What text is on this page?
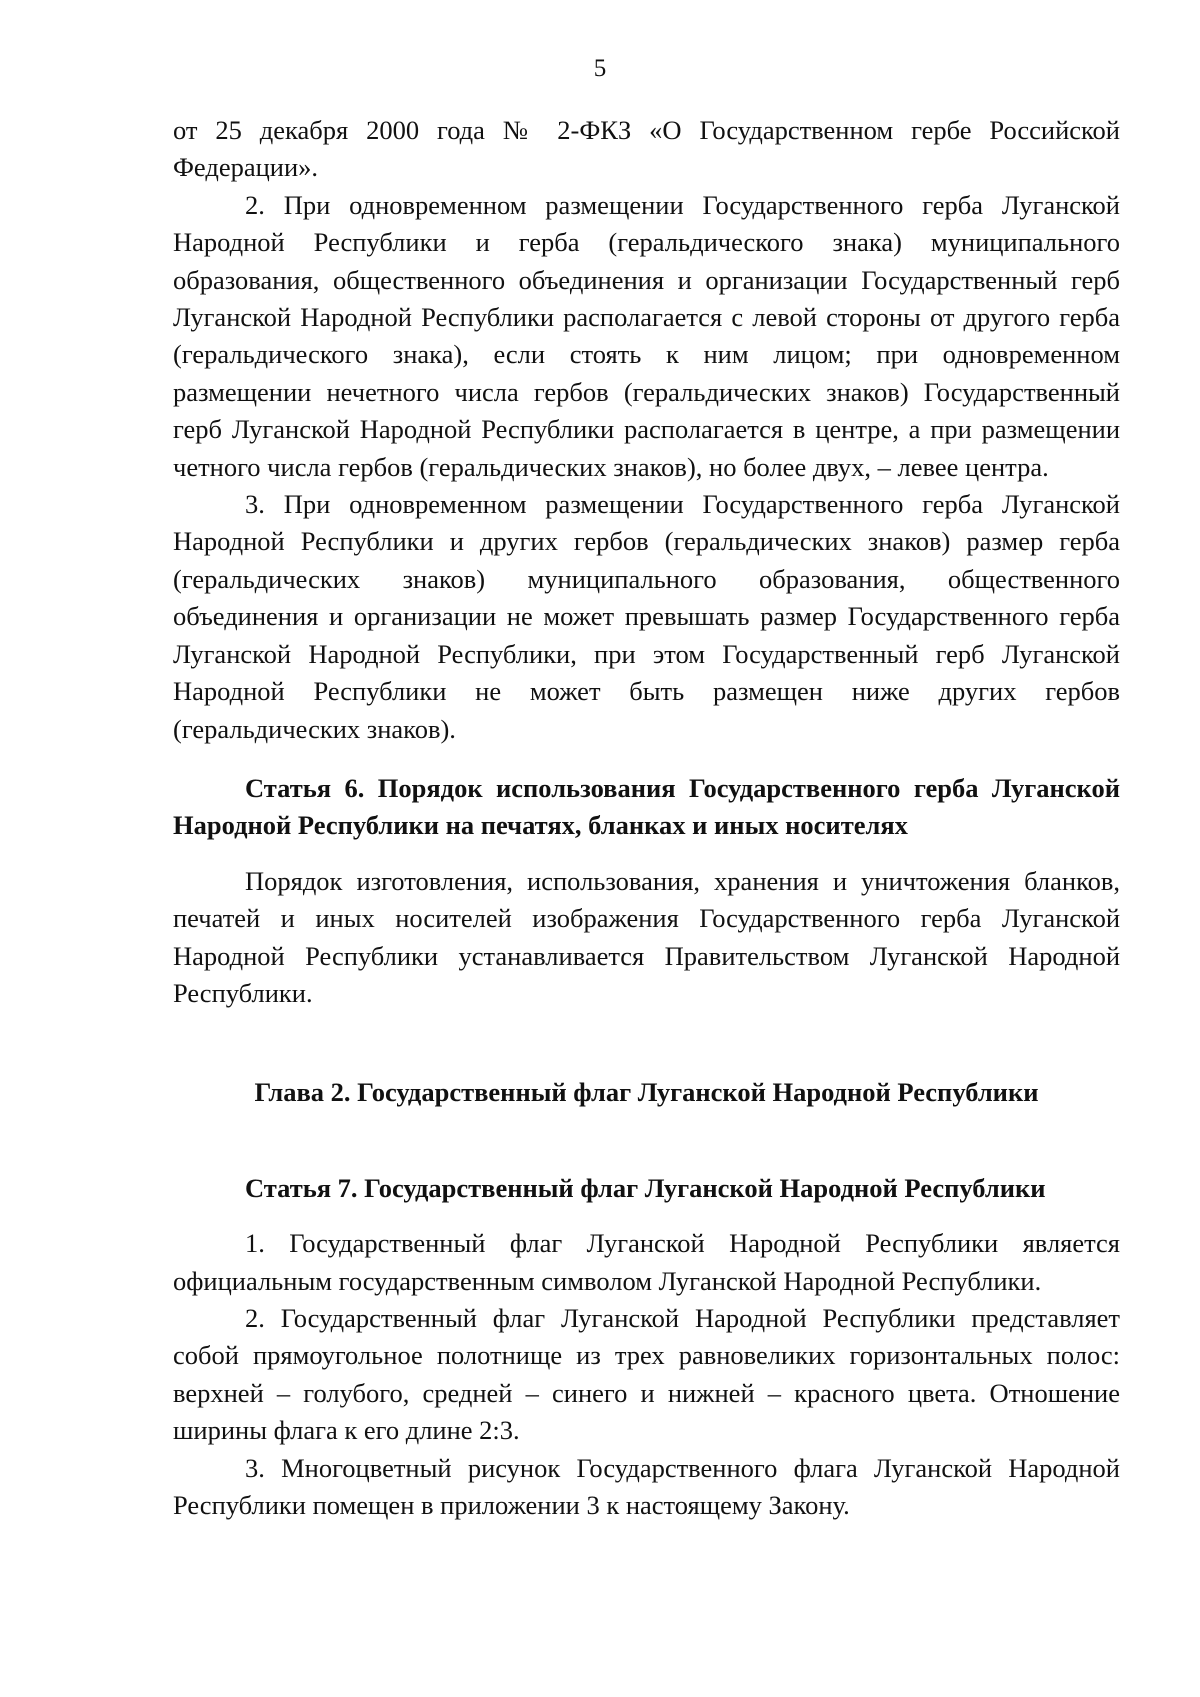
5

от 25 декабря 2000 года № 2-ФКЗ «О Государственном гербе Российской Федерации».

2. При одновременном размещении Государственного герба Луганской Народной Республики и герба (геральдического знака) муниципального образования, общественного объединения и организации Государственный герб Луганской Народной Республики располагается с левой стороны от другого герба (геральдического знака), если стоять к ним лицом; при одновременном размещении нечетного числа гербов (геральдических знаков) Государственный герб Луганской Народной Республики располагается в центре, а при размещении четного числа гербов (геральдических знаков), но более двух, – левее центра.

3. При одновременном размещении Государственного герба Луганской Народной Республики и других гербов (геральдических знаков) размер герба (геральдических знаков) муниципального образования, общественного объединения и организации не может превышать размер Государственного герба Луганской Народной Республики, при этом Государственный герб Луганской Народной Республики не может быть размещен ниже других гербов (геральдических знаков).

Статья 6. Порядок использования Государственного герба Луганской Народной Республики на печатях, бланках и иных носителях

Порядок изготовления, использования, хранения и уничтожения бланков, печатей и иных носителей изображения Государственного герба Луганской Народной Республики устанавливается Правительством Луганской Народной Республики.

Глава 2. Государственный флаг Луганской Народной Республики

Статья 7. Государственный флаг Луганской Народной Республики

1. Государственный флаг Луганской Народной Республики является официальным государственным символом Луганской Народной Республики.

2. Государственный флаг Луганской Народной Республики представляет собой прямоугольное полотнище из трех равновеликих горизонтальных полос: верхней – голубого, средней – синего и нижней – красного цвета. Отношение ширины флага к его длине 2:3.

3. Многоцветный рисунок Государственного флага Луганской Народной Республики помещен в приложении 3 к настоящему Закону.
